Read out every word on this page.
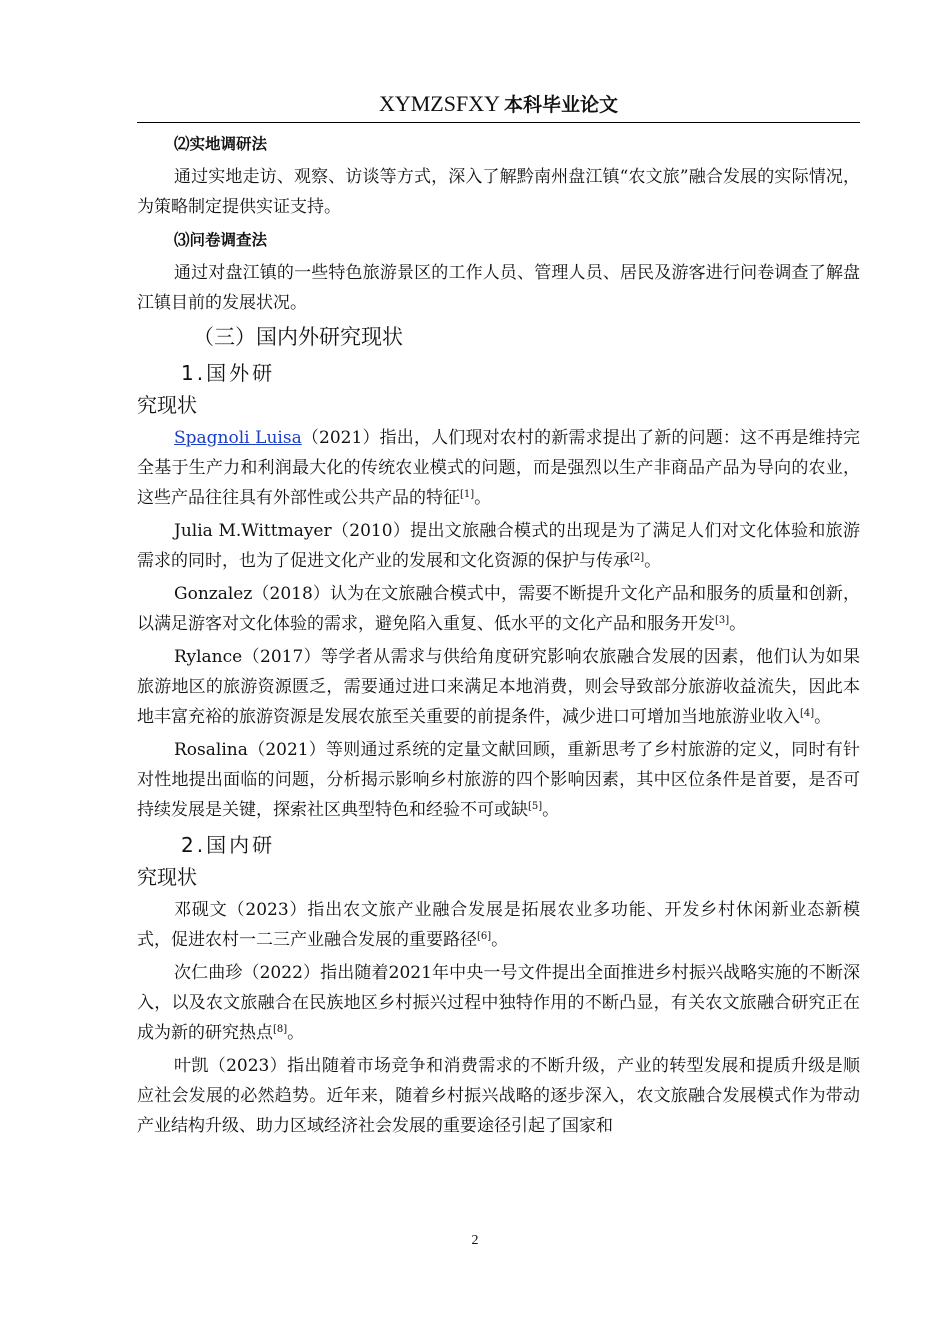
XYMZSFXY 本科毕业论文
⑵实地调研法

通过实地走访、观察、访谈等方式，深入了解黔南州盘江镇“农文旅”融合发展的实际情况，为策略制定提供实证支持。

⑶问卷调查法

通过对盘江镇的一些特色旅游景区的工作人员、管理人员、居民及游客进行问卷调查了解盘江镇目前的发展状况。

（三）国内外研究现状
1.国外研
究现状

Spagnoli Luisa（2021）指出，人们现对农村的新需求提出了新的问题：这不再是维持完全基于生产力和利润最大化的传统农业模式的问题，而是强烈以生产非商品产品为导向的农业，这些产品往往具有外部性或公共产品的特征[1]。

Julia M.Wittmayer（2010）提出文旅融合模式的出现是为了满足人们对文化体验和旅游需求的同时，也为了促进文化产业的发展和文化资源的保护与传承[2]。

Gonzalez（2018）认为在文旅融合模式中，需要不断提升文化产品和服务的质量和创新，以满足游客对文化体验的需求，避免陷入重复、低水平的文化产品和服务开发[3]。

Rylance（2017）等学者从需求与供给角度研究影响农旅融合发展的因素，他们认为如果旅游地区的旅游资源匮乏，需要通过进口来满足本地消费，则会导致部分旅游收益流失，因此本地丰富充裕的旅游资源是发展农旅至关重要的前提条件，减少进口可增加当地旅游业收入[4]。

Rosalina（2021）等则通过系统的定量文献回顾，重新思考了乡村旅游的定义，同时有针对性地提出面临的问题，分析揭示影响乡村旅游的四个影响因素，其中区位条件是首要，是否可持续发展是关键，探索社区典型特色和经验不可或缺[5]。

2.国内研
究现状

邓砚文（2023）指出农文旅产业融合发展是拓展农业多功能、开发乡村休闲新业态新模式，促进农村一二三产业融合发展的重要路径[6]。

次仁曲珍（2022）指出随着2021年中央一号文件提出全面推进乡村振兴战略实施的不断深入，以及农文旅融合在民族地区乡村振兴过程中独特作用的不断凸显，有关农文旅融合研究正在成为新的研究热点[8]。

叶凯（2023）指出随着市场竞争和消费需求的不断升级，产业的转型发展和提质升级是顺应社会发展的必然趋势。近年来，随着乡村振兴战略的逐步深入，农文旅融合发展模式作为带动产业结构升级、助力区域经济社会发展的重要途径引起了国家和

2
